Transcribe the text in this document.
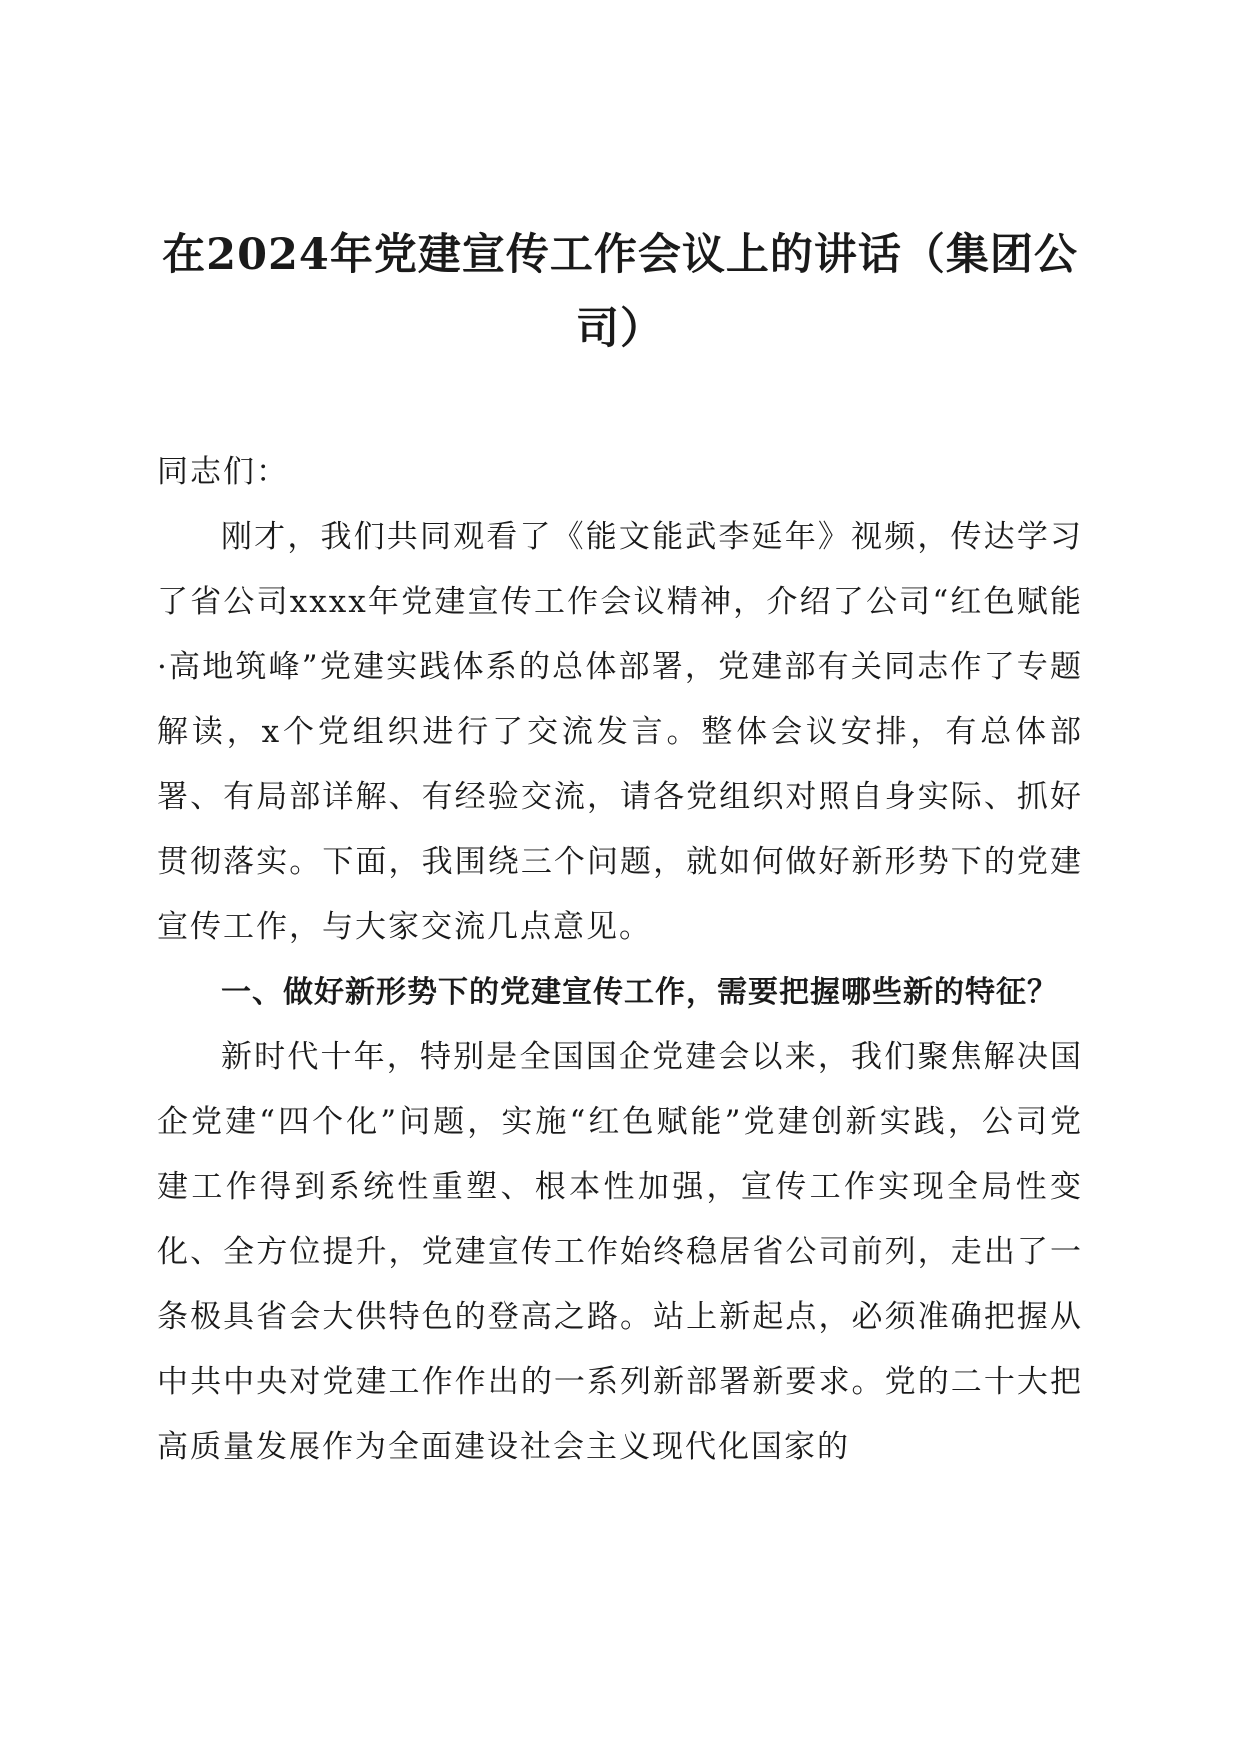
在2024年党建宣传工作会议上的讲话（集团公司）

同志们：

刚才，我们共同观看了《能文能武李延年》视频，传达学习了省公司xxxx年党建宣传工作会议精神，介绍了公司“红色赋能·高地筑峰”党建实践体系的总体部署，党建部有关同志作了专题解读，x个党组织进行了交流发言。整体会议安排，有总体部署、有局部详解、有经验交流，请各党组织对照自身实际、抓好贯彻落实。下面，我围绕三个问题，就如何做好新形势下的党建宣传工作，与大家交流几点意见。

一、做好新形势下的党建宣传工作，需要把握哪些新的特征？

新时代十年，特别是全国国企党建会以来，我们聚焦解决国企党建“四个化”问题，实施“红色赋能”党建创新实践，公司党建工作得到系统性重塑、根本性加强，宣传工作实现全局性变化、全方位提升，党建宣传工作始终稳居省公司前列，走出了一条极具省会大供特色的登高之路。站上新起点，必须准确把握从中共中央对党建工作作出的一系列新部署新要求。党的二十大把高质量发展作为全面建设社会主义现代化国家的
